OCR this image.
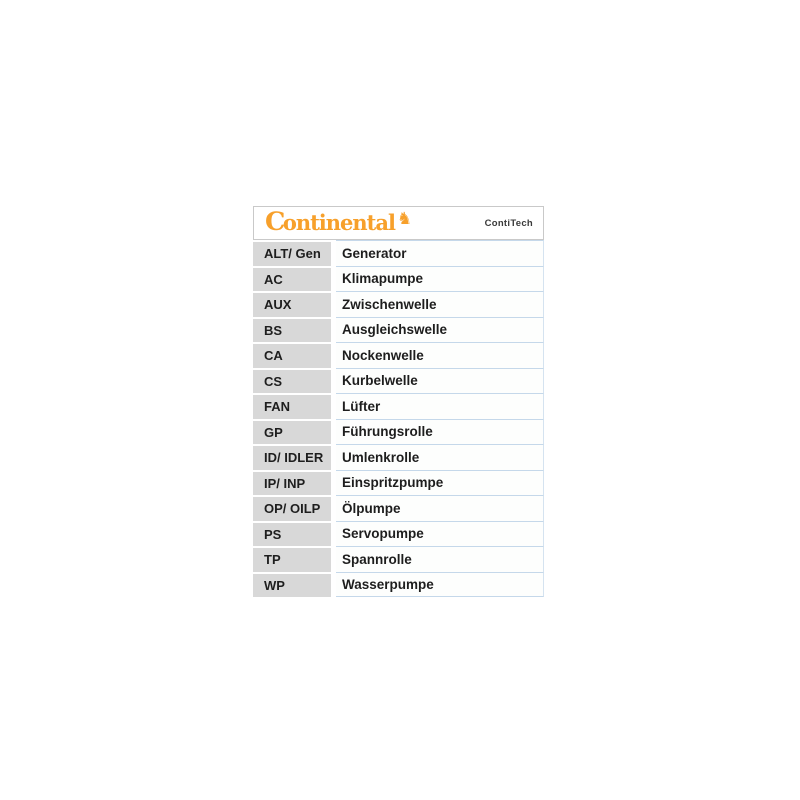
Continental ♞	ContiTech
ALT/ Gen	Generator
AC	Klimapumpe
AUX	Zwischenwelle
BS	Ausgleichswelle
CA	Nockenwelle
CS	Kurbelwelle
FAN	Lüfter
GP	Führungsrolle
ID/ IDLER	Umlenkrolle
IP/ INP	Einspritzpumpe
OP/ OILP	Ölpumpe
PS	Servopumpe
TP	Spannrolle
WP	Wasserpumpe
